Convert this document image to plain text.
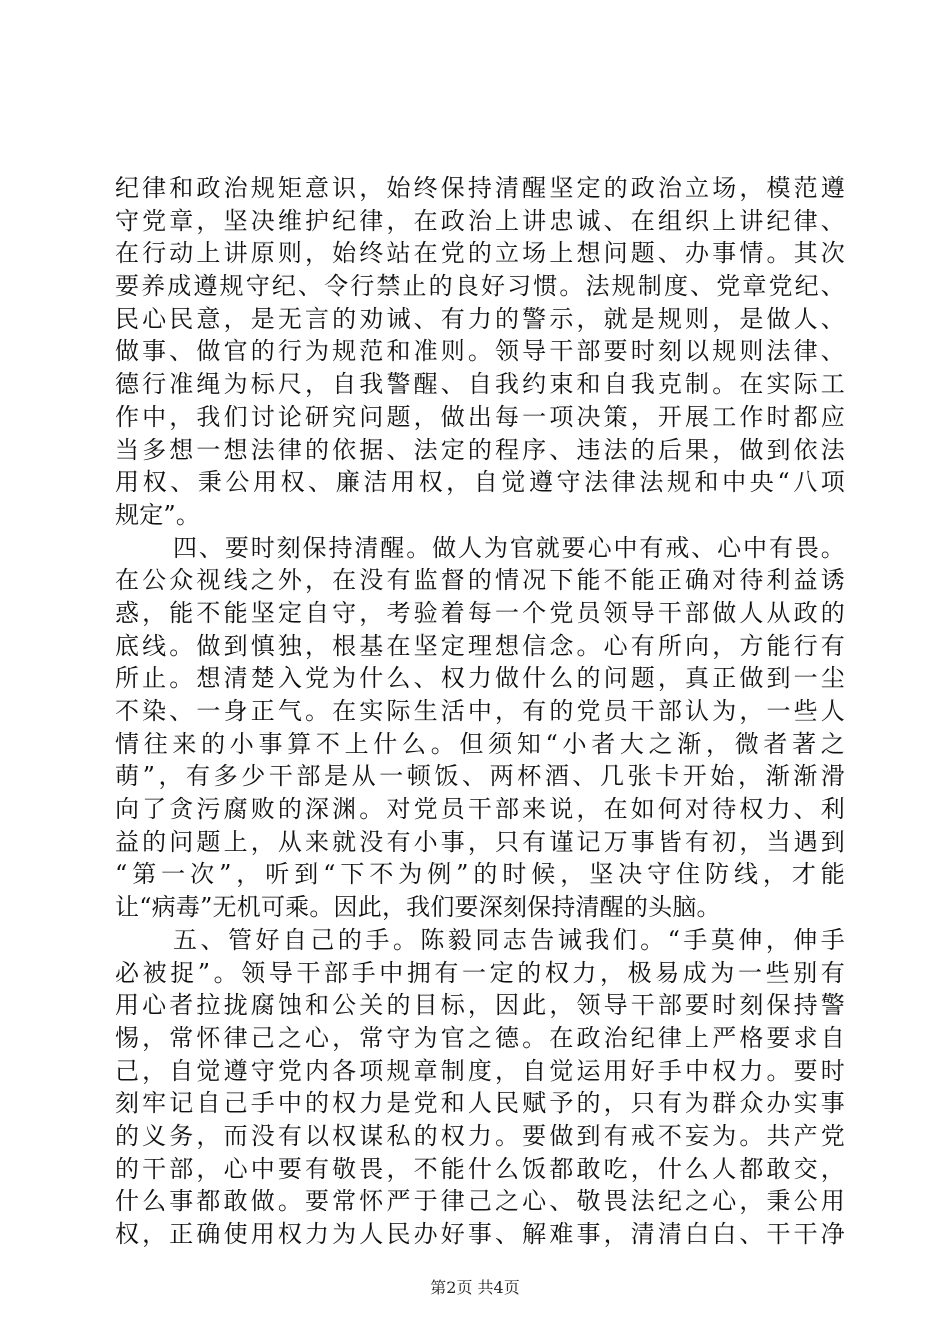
纪律和政治规矩意识，始终保持清醒坚定的政治立场，模范遵
守党章，坚决维护纪律，在政治上讲忠诚、在组织上讲纪律、
在行动上讲原则，始终站在党的立场上想问题、办事情。其次
要养成遵规守纪、令行禁止的良好习惯。法规制度、党章党纪、
民心民意，是无言的劝诫、有力的警示，就是规则，是做人、
做事、做官的行为规范和准则。领导干部要时刻以规则法律、
德行准绳为标尺，自我警醒、自我约束和自我克制。在实际工
作中，我们讨论研究问题，做出每一项决策，开展工作时都应
当多想一想法律的依据、法定的程序、违法的后果，做到依法
用权、秉公用权、廉洁用权，自觉遵守法律法规和中央“八项
规定”。
四、要时刻保持清醒。做人为官就要心中有戒、心中有畏。
在公众视线之外，在没有监督的情况下能不能正确对待利益诱
惑，能不能坚定自守，考验着每一个党员领导干部做人从政的
底线。做到慎独，根基在坚定理想信念。心有所向，方能行有
所止。想清楚入党为什么、权力做什么的问题，真正做到一尘
不染、一身正气。在实际生活中，有的党员干部认为，一些人
情往来的小事算不上什么。但须知“小者大之渐，微者著之
萌”，有多少干部是从一顿饭、两杯酒、几张卡开始，渐渐滑
向了贪污腐败的深渊。对党员干部来说，在如何对待权力、利
益的问题上，从来就没有小事，只有谨记万事皆有初，当遇到
“第一次”，听到“下不为例”的时候，坚决守住防线，才能
让“病毒”无机可乘。因此，我们要深刻保持清醒的头脑。
五、管好自己的手。陈毅同志告诫我们。“手莫伸，伸手
必被捉”。领导干部手中拥有一定的权力，极易成为一些别有
用心者拉拢腐蚀和公关的目标，因此，领导干部要时刻保持警
惕，常怀律己之心，常守为官之德。在政治纪律上严格要求自
己，自觉遵守党内各项规章制度，自觉运用好手中权力。要时
刻牢记自己手中的权力是党和人民赋予的，只有为群众办实事
的义务，而没有以权谋私的权力。要做到有戒不妄为。共产党
的干部，心中要有敬畏，不能什么饭都敢吃，什么人都敢交，
什么事都敢做。要常怀严于律己之心、敬畏法纪之心，秉公用
权，正确使用权力为人民办好事、解难事，清清白白、干干净
第2页 共4页
